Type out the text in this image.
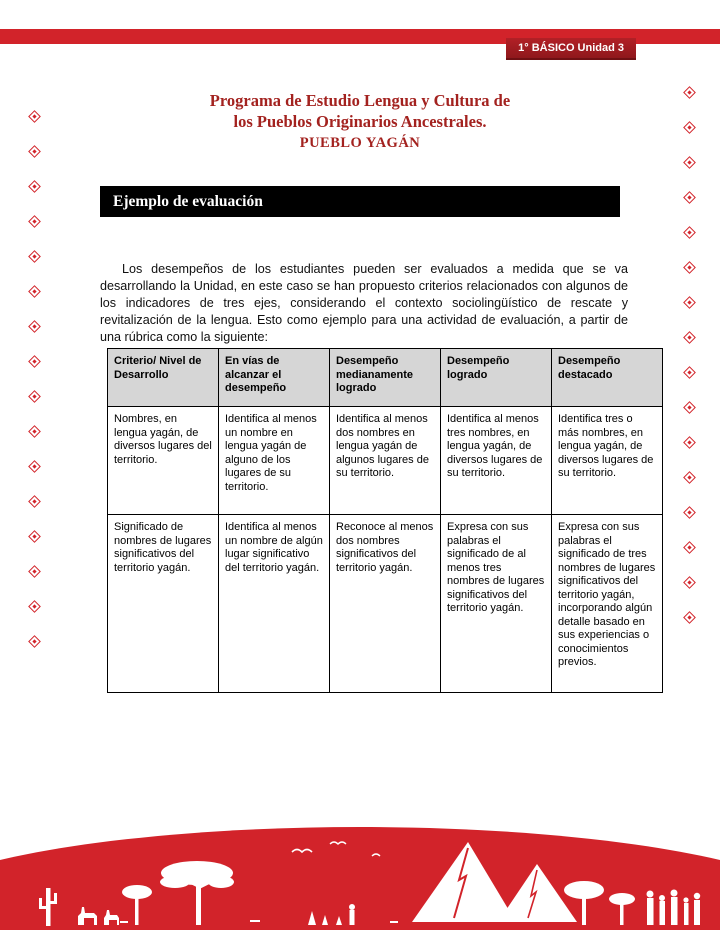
1° BÁSICO Unidad 3
Programa de Estudio Lengua y Cultura de
los Pueblos Originarios Ancestrales.
PUEBLO YAGÁN
Ejemplo de evaluación

Los desempeños de los estudiantes pueden ser evaluados a medida que se va desarrollando la Unidad, en este caso se han propuesto criterios relacionados con algunos de los indicadores de tres ejes, considerando el contexto sociolingüístico de rescate y revitalización de la lengua. Esto como ejemplo para una actividad de evaluación, a partir de una rúbrica como la siguiente:

Criterio/ Nivel de Desarrollo	En vías de alcanzar el desempeño	Desempeño medianamente logrado	Desempeño logrado	Desempeño destacado
Nombres, en lengua yagán, de diversos lugares del territorio.	Identifica al menos un nombre en lengua yagán de alguno de los lugares de su territorio.	Identifica al menos dos nombres en lengua yagán de algunos lugares de su territorio.	Identifica al menos tres nombres, en lengua yagán, de diversos lugares de su territorio.	Identifica tres o más nombres, en lengua yagán, de diversos lugares de su territorio.
Significado de nombres de lugares significativos del territorio yagán.	Identifica al menos un nombre de algún lugar significativo del territorio yagán.	Reconoce al menos dos nombres significativos del territorio yagán.	Expresa con sus palabras el significado de al menos tres nombres de lugares significativos del territorio yagán.	Expresa con sus palabras el significado de tres nombres de lugares significativos del territorio yagán, incorporando algún detalle basado en sus experiencias o conocimientos previos.
